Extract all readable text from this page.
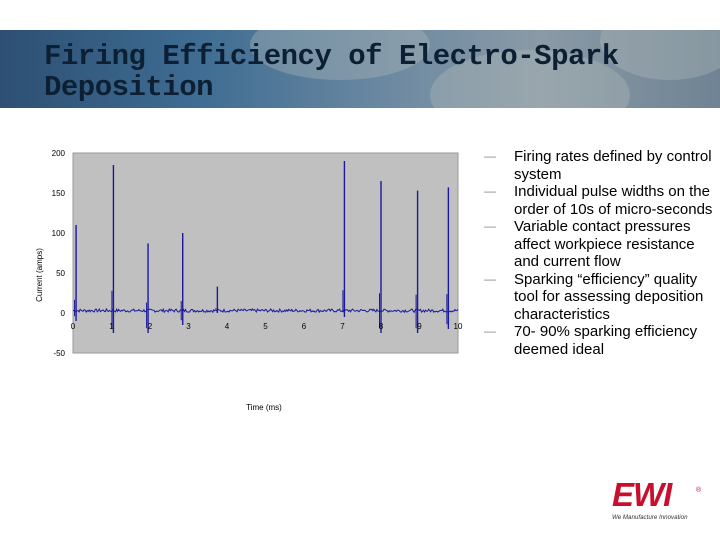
Firing Efficiency of Electro-Spark
Deposition
200
150
100
50
0
-50
0	1	2	3	4	5	6	7	8	9	10
Current (amps)
Time (ms)
—	Firing rates defined by control system
—	Individual pulse widths on the order of 10s of micro-seconds
—	Variable contact pressures affect workpiece resistance and current flow
—	Sparking “efficiency” quality tool for assessing deposition characteristics
—	70- 90% sparking efficiency deemed ideal
EWI	®
We Manufacture Innovation
